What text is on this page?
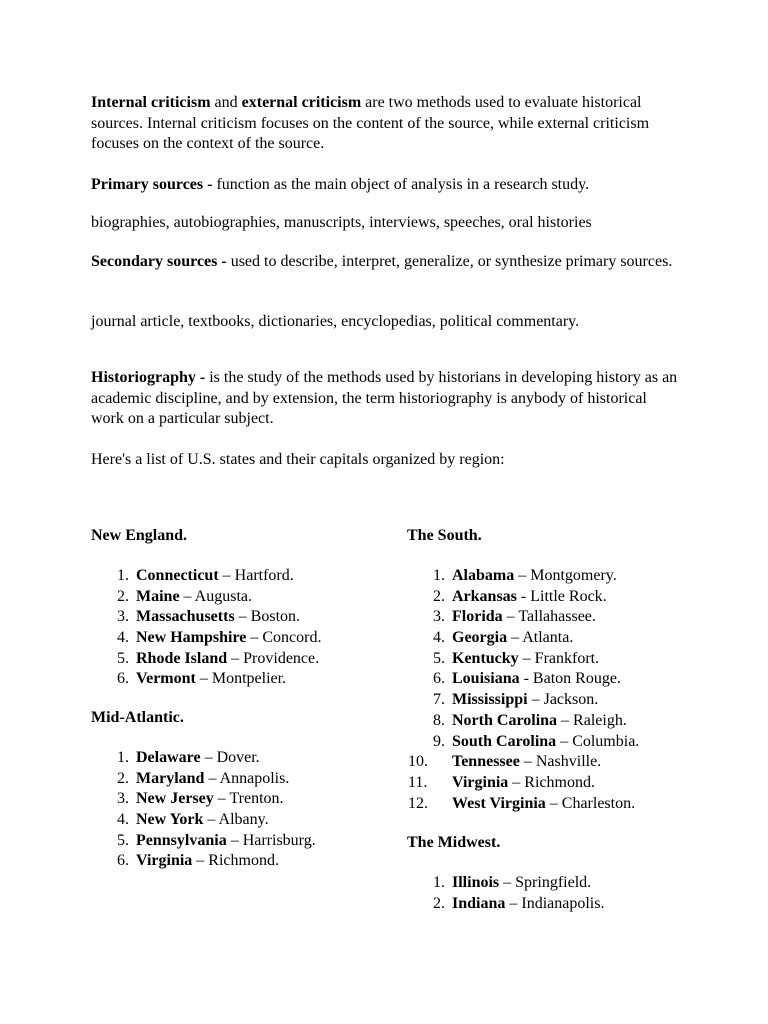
Internal criticism and external criticism are two methods used to evaluate historical sources. Internal criticism focuses on the content of the source, while external criticism focuses on the context of the source.

Primary sources - function as the main object of analysis in a research study.

biographies, autobiographies, manuscripts, interviews, speeches, oral histories

Secondary sources - used to describe, interpret, generalize, or synthesize primary sources.

journal article, textbooks, dictionaries, encyclopedias, political commentary.

Historiography - is the study of the methods used by historians in developing history as an academic discipline, and by extension, the term historiography is anybody of historical work on a particular subject.

Here's a list of U.S. states and their capitals organized by region:

New England.
1. Connecticut – Hartford.
2. Maine – Augusta.
3. Massachusetts – Boston.
4. New Hampshire – Concord.
5. Rhode Island – Providence.
6. Vermont – Montpelier.
Mid-Atlantic.
1. Delaware – Dover.
2. Maryland – Annapolis.
3. New Jersey – Trenton.
4. New York – Albany.
5. Pennsylvania – Harrisburg.
6. Virginia – Richmond.
The South.
1. Alabama – Montgomery.
2. Arkansas - Little Rock.
3. Florida – Tallahassee.
4. Georgia – Atlanta.
5. Kentucky – Frankfort.
6. Louisiana - Baton Rouge.
7. Mississippi – Jackson.
8. North Carolina – Raleigh.
9. South Carolina – Columbia.
10.	Tennessee – Nashville.
11.	Virginia – Richmond.
12.	West Virginia – Charleston.
The Midwest.
1. Illinois – Springfield.
2. Indiana – Indianapolis.
